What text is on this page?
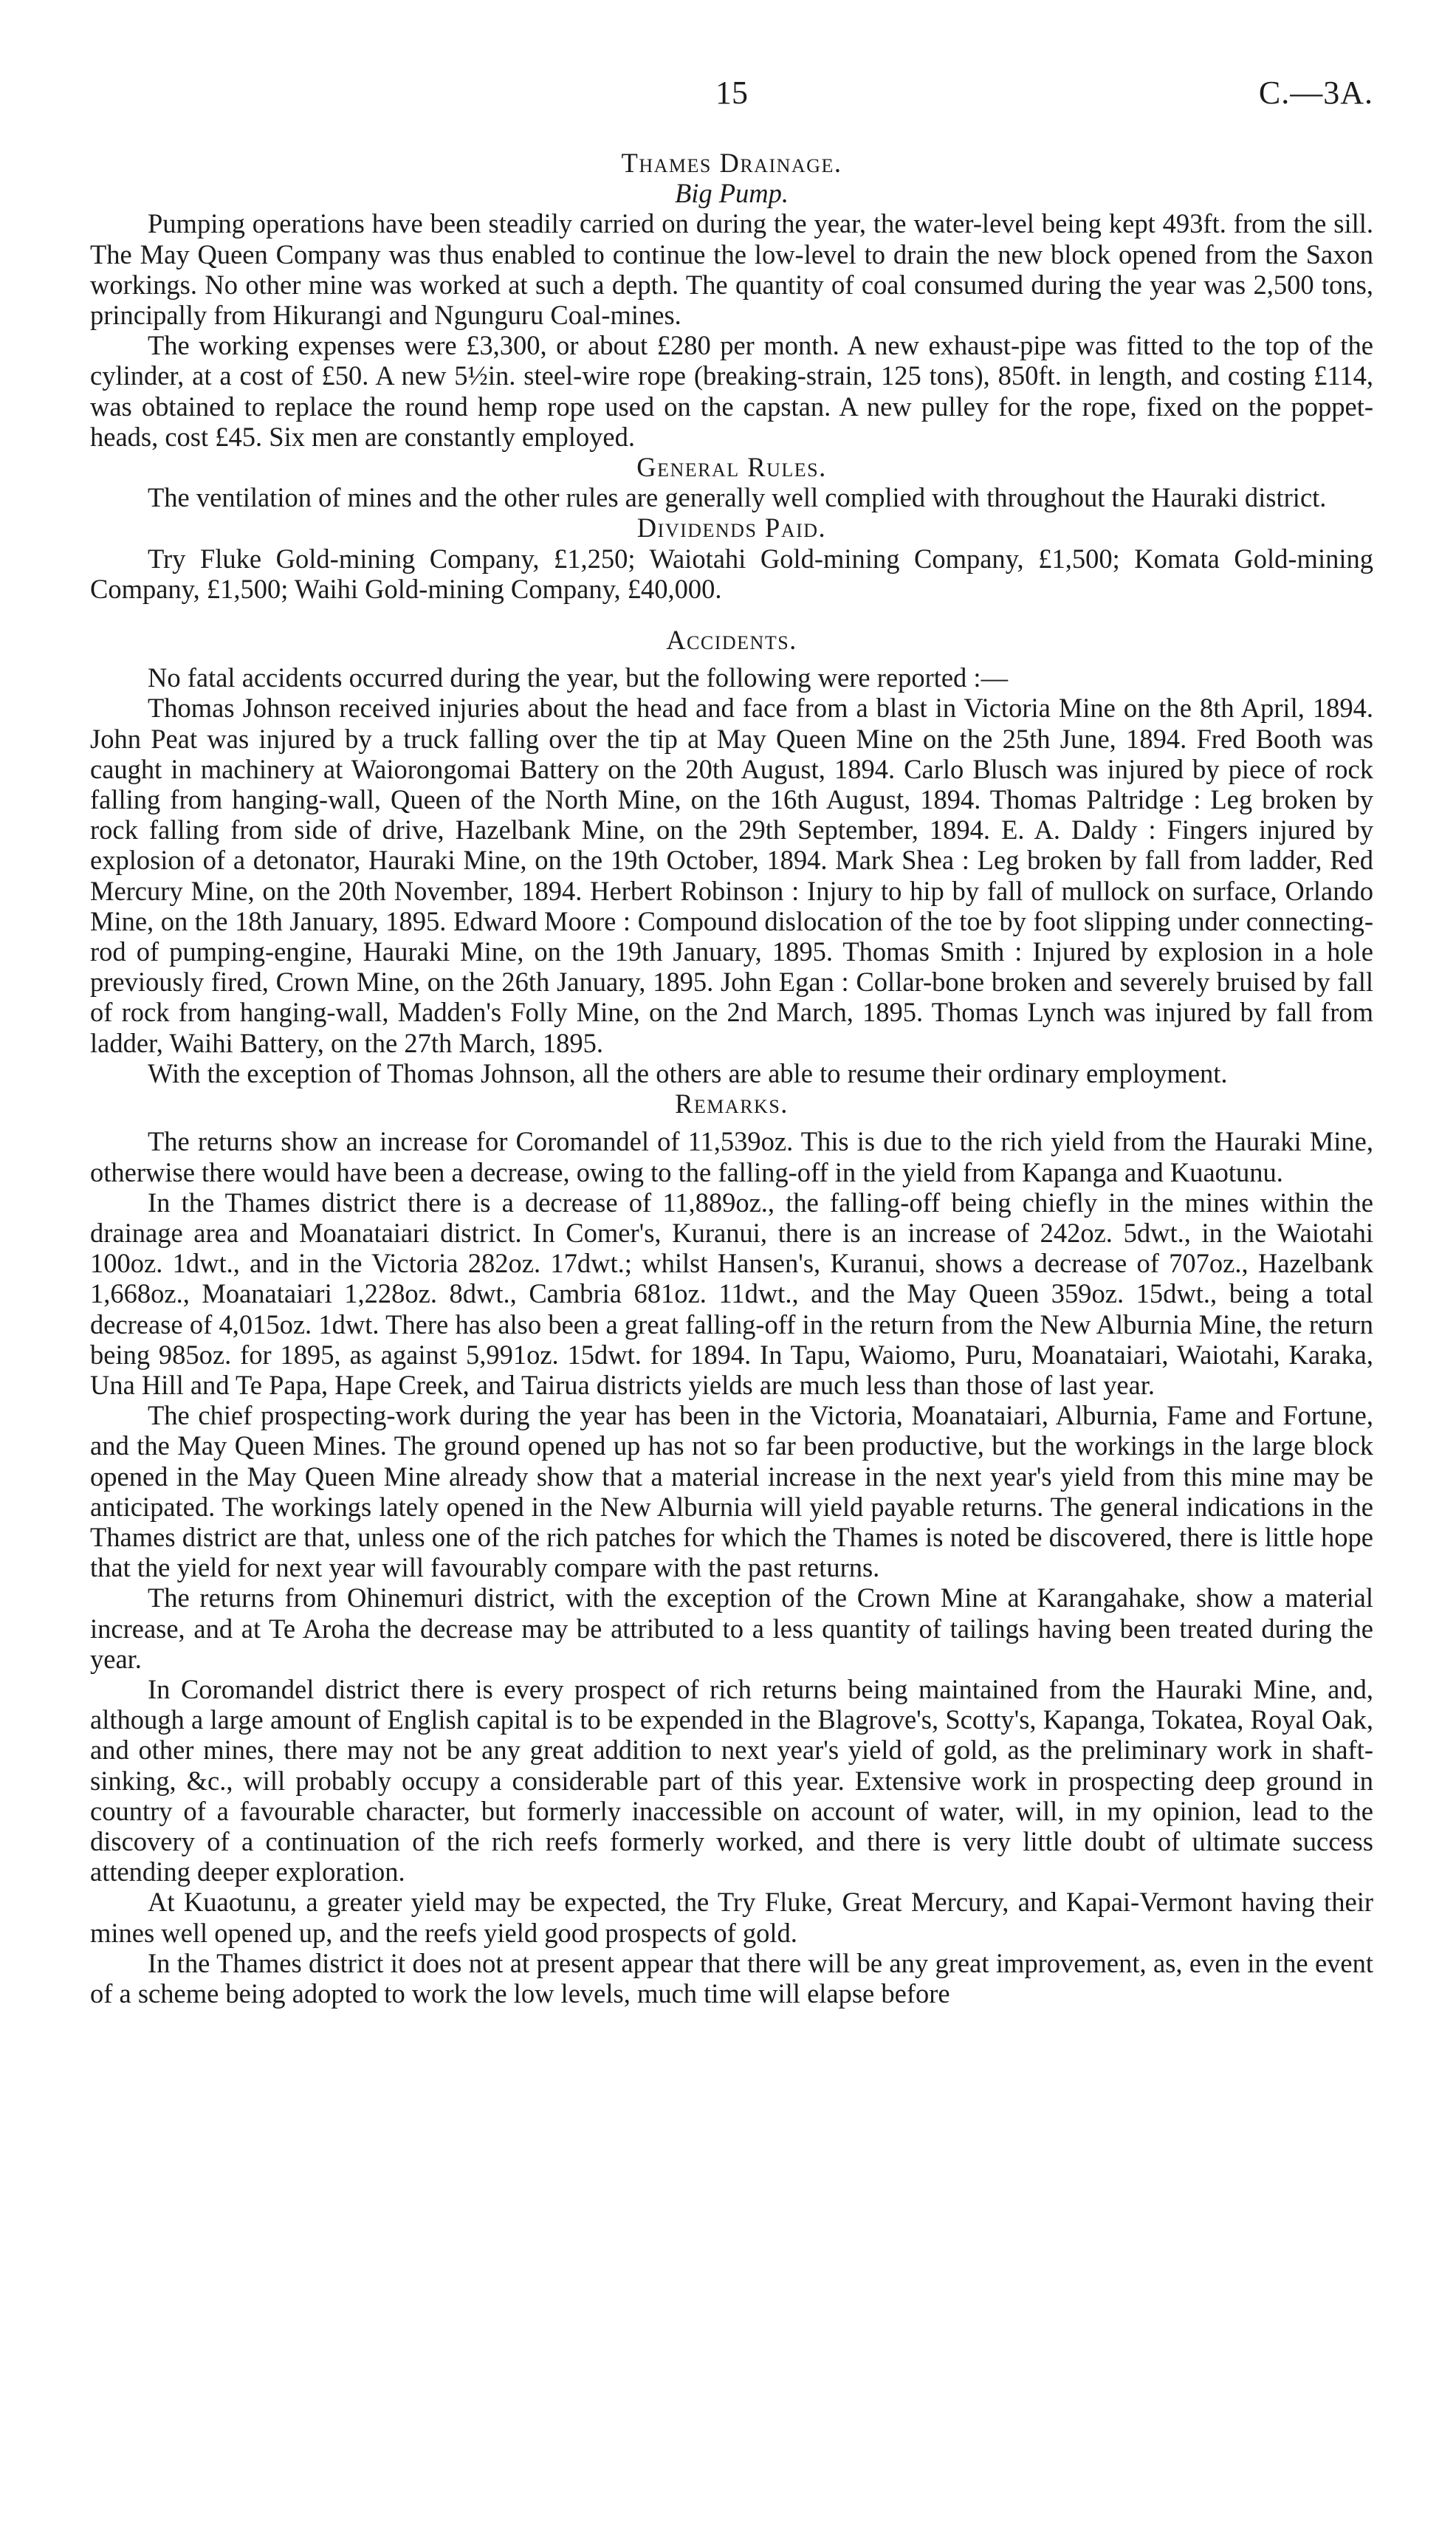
15	C.—3A.

Thames Drainage.

Big Pump.

Pumping operations have been steadily carried on during the year, the water-level being kept 493ft. from the sill. The May Queen Company was thus enabled to continue the low-level to drain the new block opened from the Saxon workings. No other mine was worked at such a depth. The quantity of coal consumed during the year was 2,500 tons, principally from Hikurangi and Ngunguru Coal-mines.

The working expenses were £3,300, or about £280 per month. A new exhaust-pipe was fitted to the top of the cylinder, at a cost of £50. A new 5½in. steel-wire rope (breaking-strain, 125 tons), 850ft. in length, and costing £114, was obtained to replace the round hemp rope used on the capstan. A new pulley for the rope, fixed on the poppet-heads, cost £45. Six men are constantly employed.

General Rules.

The ventilation of mines and the other rules are generally well complied with throughout the Hauraki district.

Dividends Paid.

Try Fluke Gold-mining Company, £1,250; Waiotahi Gold-mining Company, £1,500; Komata Gold-mining Company, £1,500; Waihi Gold-mining Company, £40,000.

Accidents.

No fatal accidents occurred during the year, but the following were reported :—

Thomas Johnson received injuries about the head and face from a blast in Victoria Mine on the 8th April, 1894. John Peat was injured by a truck falling over the tip at May Queen Mine on the 25th June, 1894. Fred Booth was caught in machinery at Waiorongomai Battery on the 20th August, 1894. Carlo Blusch was injured by piece of rock falling from hanging-wall, Queen of the North Mine, on the 16th August, 1894. Thomas Paltridge : Leg broken by rock falling from side of drive, Hazelbank Mine, on the 29th September, 1894. E. A. Daldy : Fingers injured by explosion of a detonator, Hauraki Mine, on the 19th October, 1894. Mark Shea : Leg broken by fall from ladder, Red Mercury Mine, on the 20th November, 1894. Herbert Robinson : Injury to hip by fall of mullock on surface, Orlando Mine, on the 18th January, 1895. Edward Moore : Compound dislocation of the toe by foot slipping under connecting-rod of pumping-engine, Hauraki Mine, on the 19th January, 1895. Thomas Smith : Injured by explosion in a hole previously fired, Crown Mine, on the 26th January, 1895. John Egan : Collar-bone broken and severely bruised by fall of rock from hanging-wall, Madden's Folly Mine, on the 2nd March, 1895. Thomas Lynch was injured by fall from ladder, Waihi Battery, on the 27th March, 1895.

With the exception of Thomas Johnson, all the others are able to resume their ordinary employment.

Remarks.

The returns show an increase for Coromandel of 11,539oz. This is due to the rich yield from the Hauraki Mine, otherwise there would have been a decrease, owing to the falling-off in the yield from Kapanga and Kuaotunu.

In the Thames district there is a decrease of 11,889oz., the falling-off being chiefly in the mines within the drainage area and Moanataiari district. In Comer's, Kuranui, there is an increase of 242oz. 5dwt., in the Waiotahi 100oz. 1dwt., and in the Victoria 282oz. 17dwt.; whilst Hansen's, Kuranui, shows a decrease of 707oz., Hazelbank 1,668oz., Moanataiari 1,228oz. 8dwt., Cambria 681oz. 11dwt., and the May Queen 359oz. 15dwt., being a total decrease of 4,015oz. 1dwt. There has also been a great falling-off in the return from the New Alburnia Mine, the return being 985oz. for 1895, as against 5,991oz. 15dwt. for 1894. In Tapu, Waiomo, Puru, Moanataiari, Waiotahi, Karaka, Una Hill and Te Papa, Hape Creek, and Tairua districts yields are much less than those of last year.

The chief prospecting-work during the year has been in the Victoria, Moanataiari, Alburnia, Fame and Fortune, and the May Queen Mines. The ground opened up has not so far been productive, but the workings in the large block opened in the May Queen Mine already show that a material increase in the next year's yield from this mine may be anticipated. The workings lately opened in the New Alburnia will yield payable returns. The general indications in the Thames district are that, unless one of the rich patches for which the Thames is noted be discovered, there is little hope that the yield for next year will favourably compare with the past returns.

The returns from Ohinemuri district, with the exception of the Crown Mine at Karangahake, show a material increase, and at Te Aroha the decrease may be attributed to a less quantity of tailings having been treated during the year.

In Coromandel district there is every prospect of rich returns being maintained from the Hauraki Mine, and, although a large amount of English capital is to be expended in the Blagrove's, Scotty's, Kapanga, Tokatea, Royal Oak, and other mines, there may not be any great addition to next year's yield of gold, as the preliminary work in shaft-sinking, &c., will probably occupy a considerable part of this year. Extensive work in prospecting deep ground in country of a favourable character, but formerly inaccessible on account of water, will, in my opinion, lead to the discovery of a continuation of the rich reefs formerly worked, and there is very little doubt of ultimate success attending deeper exploration.

At Kuaotunu, a greater yield may be expected, the Try Fluke, Great Mercury, and Kapai-Vermont having their mines well opened up, and the reefs yield good prospects of gold.

In the Thames district it does not at present appear that there will be any great improvement, as, even in the event of a scheme being adopted to work the low levels, much time will elapse before
